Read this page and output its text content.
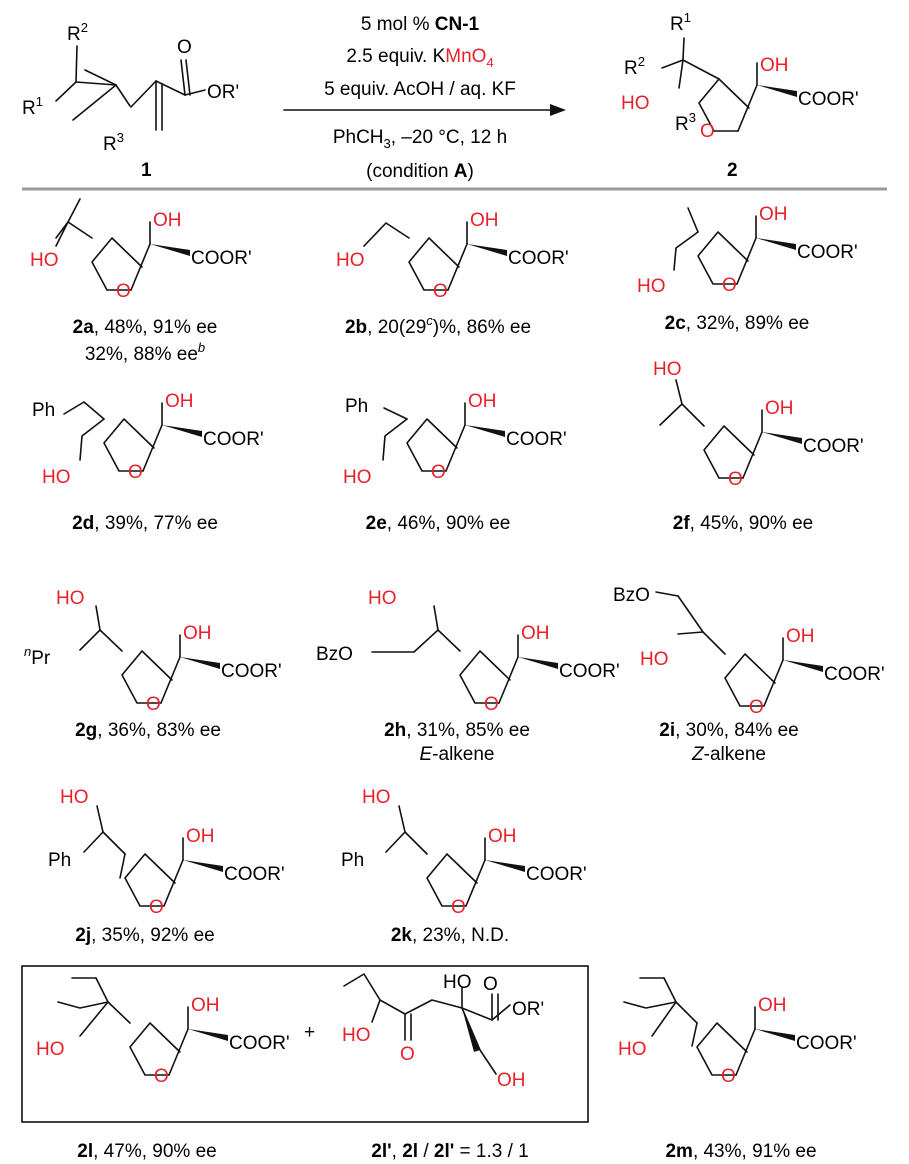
$R^2$
$R^1$
$R^3$
O
OR'
1
5 mol % CN-1
2.5 equiv. KMnO$_4$
5 equiv. AcOH / aq. KF
PhCH$_3$, –20 °C, 12 h
(condition A)
$R^1$
$R^2$
HO
$R^3$
O
OH
COOR'
2
OH
COOR'
HO
O
2a, 48%, 91% ee
32%, 88% $ee^b$
OH
COOR'
HO
O
2b, 20(29$^c$)%, 86% ee
OH
COOR'
HO	O
2c, 32%, 89% ee
Ph	OH
COOR'
HO	O
2d, 39%, 77% ee
Ph	OH
COOR'
HO	O
2e, 46%, 90% ee
HO
OH
COOR'
O
2f, 45%, 90% ee
HO
$^n$Pr
OH
COOR'
O
2g, 36%, 83% ee
HO
BzO
OH
COOR'
O
2h, 31%, 85% ee
E-alkene
BzO
HO
OH
COOR'
O
2i, 30%, 84% ee
Z-alkene
HO
Ph
OH
COOR'
O
2j, 35%, 92% ee
HO
Ph
OH
COOR'
O
2k, 23%, N.D.
HO
OH
COOR'
O
2l, 47%, 90% ee
+ HO
O
HO O
OR'
OH
2l', 2l / 2l' = 1.3 / 1
HO
OH
COOR'
O
2m, 43%, 91% ee
